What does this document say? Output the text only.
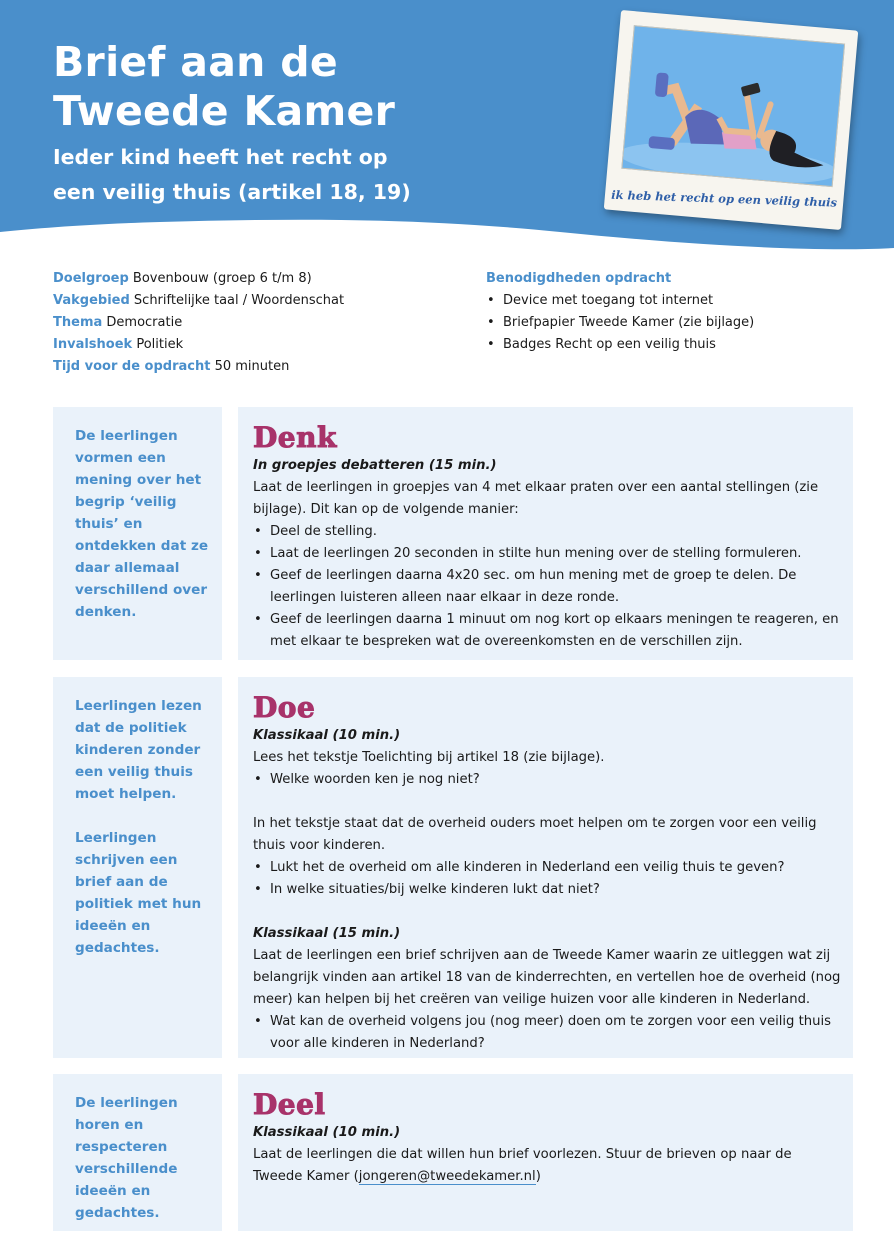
Brief aan de
Tweede Kamer

Ieder kind heeft het recht op
een veilig thuis (artikel 18, 19)	ik heb het recht op een veilig thuis
Doelgroep Bovenbouw (groep 6 t/m 8)
Vakgebied Schriftelijke taal / Woordenschat
Thema Democratie
Invalshoek Politiek
Tijd voor de opdracht 50 minuten
Benodigdheden opdracht
• Device met toegang tot internet
• Briefpapier Tweede Kamer (zie bijlage)
• Badges Recht op een veilig thuis
De leerlingen vormen een mening over het begrip ‘veilig thuis’ en ontdekken dat ze daar allemaal verschillend over denken.
Denk
In groepjes debatteren (15 min.)
Laat de leerlingen in groepjes van 4 met elkaar praten over een aantal stellingen (zie bijlage). Dit kan op de volgende manier:
• Deel de stelling.
• Laat de leerlingen 20 seconden in stilte hun mening over de stelling formuleren.
• Geef de leerlingen daarna 4x20 sec. om hun mening met de groep te delen. De leerlingen luisteren alleen naar elkaar in deze ronde.
• Geef de leerlingen daarna 1 minuut om nog kort op elkaars meningen te reageren, en met elkaar te bespreken wat de overeenkomsten en de verschillen zijn.
Leerlingen lezen dat de politiek kinderen zonder een veilig thuis moet helpen.
Leerlingen schrijven een brief aan de politiek met hun ideeën en gedachtes.
Doe
Klassikaal (10 min.)
Lees het tekstje Toelichting bij artikel 18 (zie bijlage).
• Welke woorden ken je nog niet?
In het tekstje staat dat de overheid ouders moet helpen om te zorgen voor een veilig thuis voor kinderen.
• Lukt het de overheid om alle kinderen in Nederland een veilig thuis te geven?
• In welke situaties/bij welke kinderen lukt dat niet?
Klassikaal (15 min.)
Laat de leerlingen een brief schrijven aan de Tweede Kamer waarin ze uitleggen wat zij belangrijk vinden aan artikel 18 van de kinderrechten, en vertellen hoe de overheid (nog meer) kan helpen bij het creëren van veilige huizen voor alle kinderen in Nederland.
• Wat kan de overheid volgens jou (nog meer) doen om te zorgen voor een veilig thuis voor alle kinderen in Nederland?
De leerlingen horen en respecteren verschillende ideeën en gedachtes.
Deel
Klassikaal (10 min.)
Laat de leerlingen die dat willen hun brief voorlezen. Stuur de brieven op naar de Tweede Kamer (jongeren@tweedekamer.nl)
